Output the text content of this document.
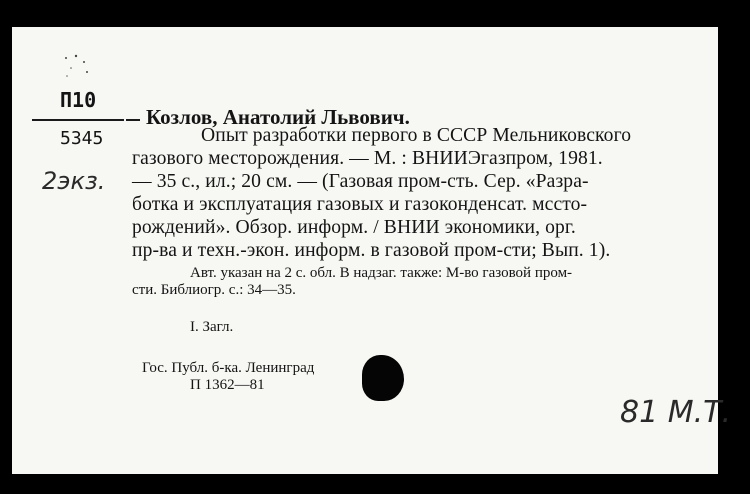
П10
5345
2экз.
Козлов, Анатолий Львович.
Опыт разработки первого в СССР Мельниковского
газового месторождения. — М. : ВНИИЭгазпром, 1981.
— 35 с., ил.; 20 см. — (Газовая пром-сть. Сер. «Разра-
ботка и эксплуатация газовых и газоконденсат. мссто-
рождений». Обзор. информ. / ВНИИ экономики, орг.
пр-ва и техн.-экон. информ. в газовой пром-сти; Вып. 1).
Авт. указан на 2 с. обл. В надзаг. также: М-во газовой пром-
сти. Библиогр. с.: 34—35.
I. Загл.
Гос. Публ. б-ка. Ленинград
П 1362—81
81 М.Т.
